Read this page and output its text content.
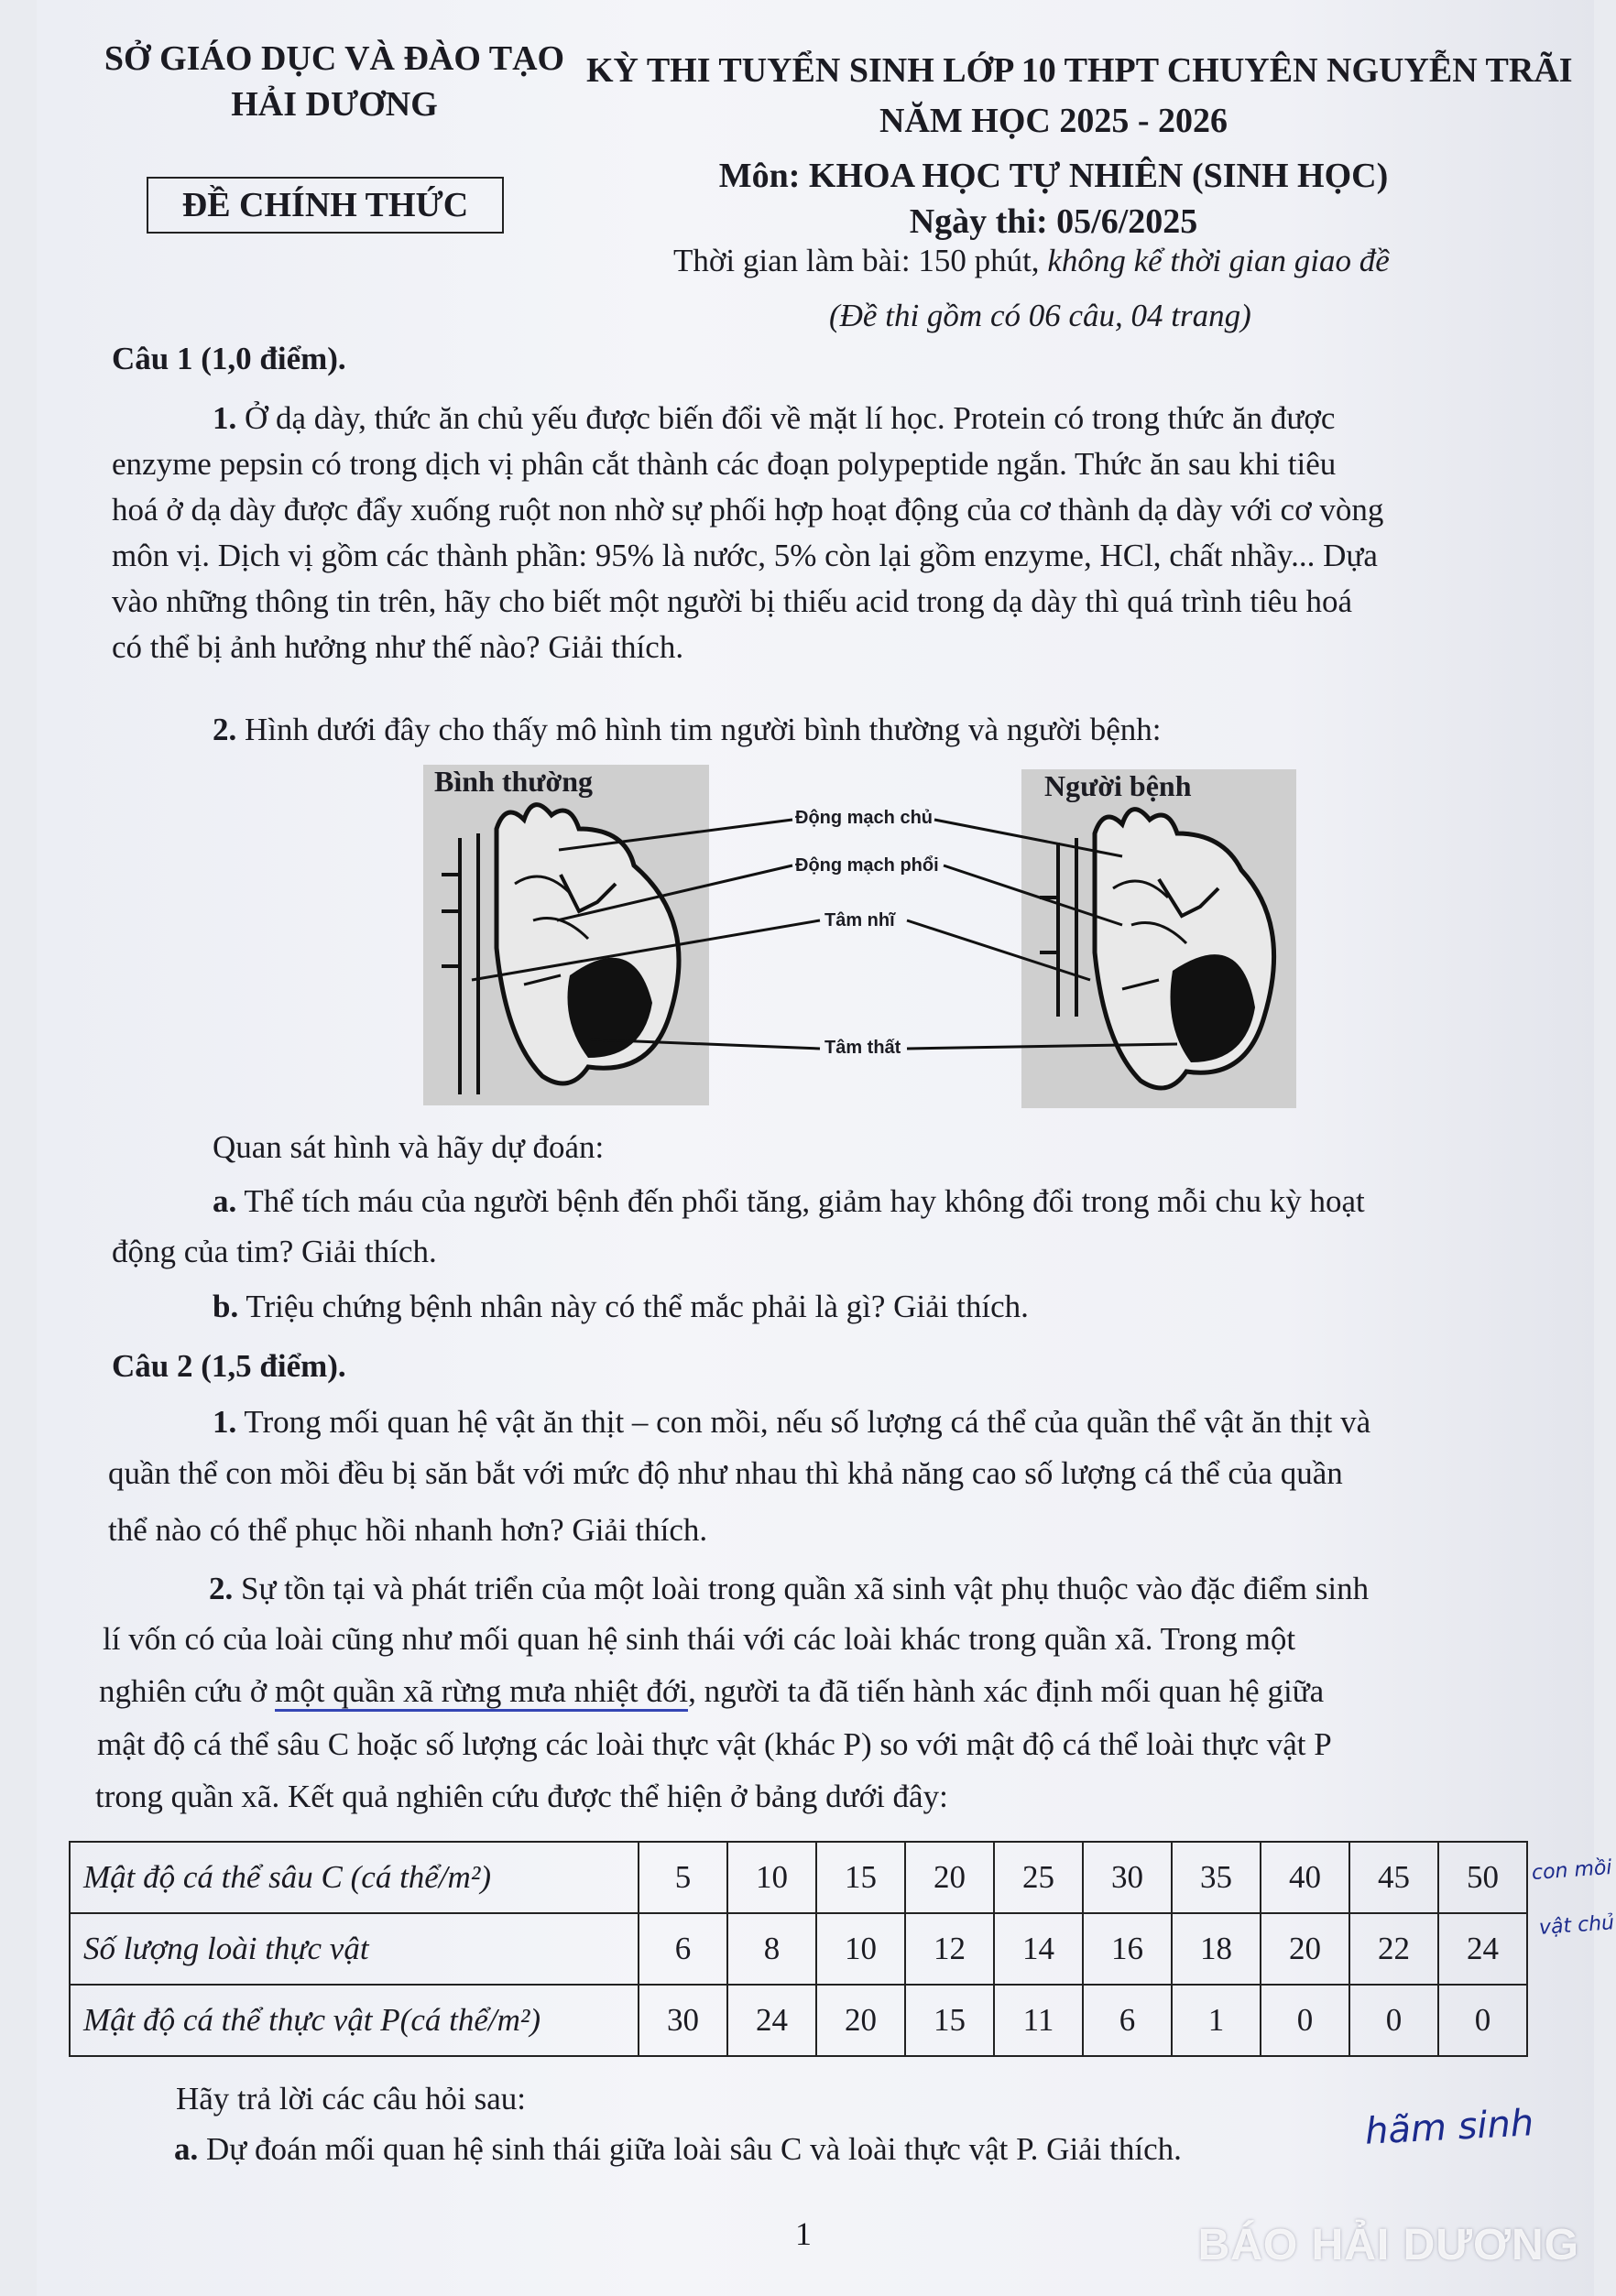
SỞ GIÁO DỤC VÀ ĐÀO TẠO
HẢI DƯƠNG
ĐỀ CHÍNH THỨC
KỲ THI TUYỂN SINH LỚP 10 THPT CHUYÊN NGUYỄN TRÃI
NĂM HỌC 2025 - 2026
Môn: KHOA HỌC TỰ NHIÊN (SINH HỌC)
Ngày thi: 05/6/2025
Thời gian làm bài: 150 phút, không kể thời gian giao đề
(Đề thi gồm có 06 câu, 04 trang)
Câu 1 (1,0 điểm).
1. Ở dạ dày, thức ăn chủ yếu được biến đổi về mặt lí học. Protein có trong thức ăn được
enzyme pepsin có trong dịch vị phân cắt thành các đoạn polypeptide ngắn. Thức ăn sau khi tiêu
hoá ở dạ dày được đẩy xuống ruột non nhờ sự phối hợp hoạt động của cơ thành dạ dày với cơ vòng
môn vị. Dịch vị gồm các thành phần: 95% là nước, 5% còn lại gồm enzyme, HCl, chất nhầy... Dựa
vào những thông tin trên, hãy cho biết một người bị thiếu acid trong dạ dày thì quá trình tiêu hoá
có thể bị ảnh hưởng như thế nào? Giải thích.
2. Hình dưới đây cho thấy mô hình tim người bình thường và người bệnh:
Bình thường	Người bệnh
Động mạch chủ
Động mạch phổi
Tâm nhĩ
Tâm thất
Quan sát hình và hãy dự đoán:
a. Thể tích máu của người bệnh đến phổi tăng, giảm hay không đổi trong mỗi chu kỳ hoạt
động của tim? Giải thích.
b. Triệu chứng bệnh nhân này có thể mắc phải là gì? Giải thích.
Câu 2 (1,5 điểm).
1. Trong mối quan hệ vật ăn thịt – con mồi, nếu số lượng cá thể của quần thể vật ăn thịt và
quần thể con mồi đều bị săn bắt với mức độ như nhau thì khả năng cao số lượng cá thể của quần
thể nào có thể phục hồi nhanh hơn? Giải thích.
2. Sự tồn tại và phát triển của một loài trong quần xã sinh vật phụ thuộc vào đặc điểm sinh
lí vốn có của loài cũng như mối quan hệ sinh thái với các loài khác trong quần xã. Trong một
nghiên cứu ở một quần xã rừng mưa nhiệt đới, người ta đã tiến hành xác định mối quan hệ giữa
mật độ cá thể sâu C hoặc số lượng các loài thực vật (khác P) so với mật độ cá thể loài thực vật P
trong quần xã. Kết quả nghiên cứu được thể hiện ở bảng dưới đây:
Mật độ cá thể sâu C (cá thể/m²)	5	10	15	20	25	30	35	40	45	50
Số lượng loài thực vật	6	8	10	12	14	16	18	20	22	24
Mật độ cá thể thực vật P(cá thể/m²)	30	24	20	15	11	6	1	0	0	0
con mồi
vật chủ
Hãy trả lời các câu hỏi sau:
a. Dự đoán mối quan hệ sinh thái giữa loài sâu C và loài thực vật P. Giải thích.	hãm sinh
1	BÁO HẢI DƯƠNG
